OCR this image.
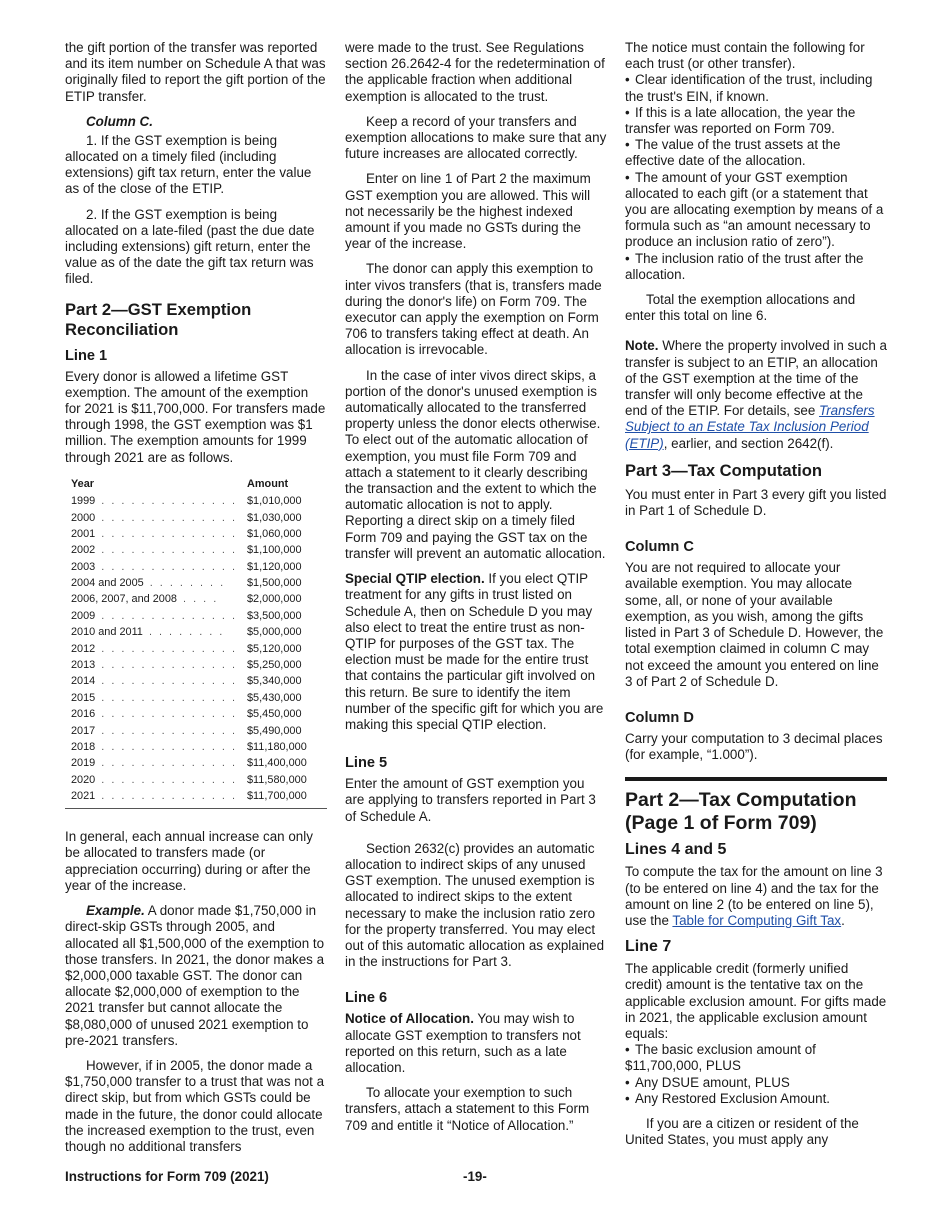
the gift portion of the transfer was reported and its item number on Schedule A that was originally filed to report the gift portion of the ETIP transfer.

Column C.

1. If the GST exemption is being allocated on a timely filed (including extensions) gift tax return, enter the value as of the close of the ETIP.

2. If the GST exemption is being allocated on a late-filed (past the due date including extensions) gift return, enter the value as of the date the gift tax return was filed.

Part 2—GST Exemption Reconciliation
Line 1

Every donor is allowed a lifetime GST exemption. The amount of the exemption for 2021 is $11,700,000. For transfers made through 1998, the GST exemption was $1 million. The exemption amounts for 1999 through 2021 are as follows.

Year	Amount
1999 . . . . . . . . . . . . . .	$1,010,000
2000 . . . . . . . . . . . . . .	$1,030,000
2001 . . . . . . . . . . . . . .	$1,060,000
2002 . . . . . . . . . . . . . .	$1,100,000
2003 . . . . . . . . . . . . . .	$1,120,000
2004 and 2005 . . . . . . . .	$1,500,000
2006, 2007, and 2008 . . . .	$2,000,000
2009 . . . . . . . . . . . . . .	$3,500,000
2010 and 2011 . . . . . . . .	$5,000,000
2012 . . . . . . . . . . . . . .	$5,120,000
2013 . . . . . . . . . . . . . .	$5,250,000
2014 . . . . . . . . . . . . . .	$5,340,000
2015 . . . . . . . . . . . . . .	$5,430,000
2016 . . . . . . . . . . . . . .	$5,450,000
2017 . . . . . . . . . . . . . .	$5,490,000
2018 . . . . . . . . . . . . . .	$11,180,000
2019 . . . . . . . . . . . . . .	$11,400,000
2020 . . . . . . . . . . . . . .	$11,580,000
2021 . . . . . . . . . . . . . .	$11,700,000

In general, each annual increase can only be allocated to transfers made (or appreciation occurring) during or after the year of the increase.

Example. A donor made $1,750,000 in direct-skip GSTs through 2005, and allocated all $1,500,000 of the exemption to those transfers. In 2021, the donor makes a $2,000,000 taxable GST. The donor can allocate $2,000,000 of exemption to the 2021 transfer but cannot allocate the $8,080,000 of unused 2021 exemption to pre-2021 transfers.

However, if in 2005, the donor made a $1,750,000 transfer to a trust that was not a direct skip, but from which GSTs could be made in the future, the donor could allocate the increased exemption to the trust, even though no additional transfers

were made to the trust. See Regulations section 26.2642-4 for the redetermination of the applicable fraction when additional exemption is allocated to the trust.

Keep a record of your transfers and exemption allocations to make sure that any future increases are allocated correctly.

Enter on line 1 of Part 2 the maximum GST exemption you are allowed. This will not necessarily be the highest indexed amount if you made no GSTs during the year of the increase.

The donor can apply this exemption to inter vivos transfers (that is, transfers made during the donor's life) on Form 709. The executor can apply the exemption on Form 706 to transfers taking effect at death. An allocation is irrevocable.

In the case of inter vivos direct skips, a portion of the donor's unused exemption is automatically allocated to the transferred property unless the donor elects otherwise. To elect out of the automatic allocation of exemption, you must file Form 709 and attach a statement to it clearly describing the transaction and the extent to which the automatic allocation is not to apply. Reporting a direct skip on a timely filed Form 709 and paying the GST tax on the transfer will prevent an automatic allocation.

Special QTIP election. If you elect QTIP treatment for any gifts in trust listed on Schedule A, then on Schedule D you may also elect to treat the entire trust as non-QTIP for purposes of the GST tax. The election must be made for the entire trust that contains the particular gift involved on this return. Be sure to identify the item number of the specific gift for which you are making this special QTIP election.

Line 5

Enter the amount of GST exemption you are applying to transfers reported in Part 3 of Schedule A.

Section 2632(c) provides an automatic allocation to indirect skips of any unused GST exemption. The unused exemption is allocated to indirect skips to the extent necessary to make the inclusion ratio zero for the property transferred. You may elect out of this automatic allocation as explained in the instructions for Part 3.

Line 6

Notice of Allocation. You may wish to allocate GST exemption to transfers not reported on this return, such as a late allocation.

To allocate your exemption to such transfers, attach a statement to this Form 709 and entitle it “Notice of Allocation.”

The notice must contain the following for each trust (or other transfer).

• Clear identification of the trust, including the trust's EIN, if known.
• If this is a late allocation, the year the transfer was reported on Form 709.
• The value of the trust assets at the effective date of the allocation.
• The amount of your GST exemption allocated to each gift (or a statement that you are allocating exemption by means of a formula such as “an amount necessary to produce an inclusion ratio of zero”).
• The inclusion ratio of the trust after the allocation.

Total the exemption allocations and enter this total on line 6.

Note. Where the property involved in such a transfer is subject to an ETIP, an allocation of the GST exemption at the time of the transfer will only become effective at the end of the ETIP. For details, see Transfers Subject to an Estate Tax Inclusion Period (ETIP), earlier, and section 2642(f).

Part 3—Tax Computation

You must enter in Part 3 every gift you listed in Part 1 of Schedule D.

Column C

You are not required to allocate your available exemption. You may allocate some, all, or none of your available exemption, as you wish, among the gifts listed in Part 3 of Schedule D. However, the total exemption claimed in column C may not exceed the amount you entered on line 3 of Part 2 of Schedule D.

Column D

Carry your computation to 3 decimal places (for example, “1.000”).

Part 2—Tax Computation (Page 1 of Form 709)
Lines 4 and 5

To compute the tax for the amount on line 3 (to be entered on line 4) and the tax for the amount on line 2 (to be entered on line 5), use the Table for Computing Gift Tax.

Line 7

The applicable credit (formerly unified credit) amount is the tentative tax on the applicable exclusion amount. For gifts made in 2021, the applicable exclusion amount equals:

• The basic exclusion amount of $11,700,000, PLUS
• Any DSUE amount, PLUS
• Any Restored Exclusion Amount.

If you are a citizen or resident of the United States, you must apply any

Instructions for Form 709 (2021)	-19-
